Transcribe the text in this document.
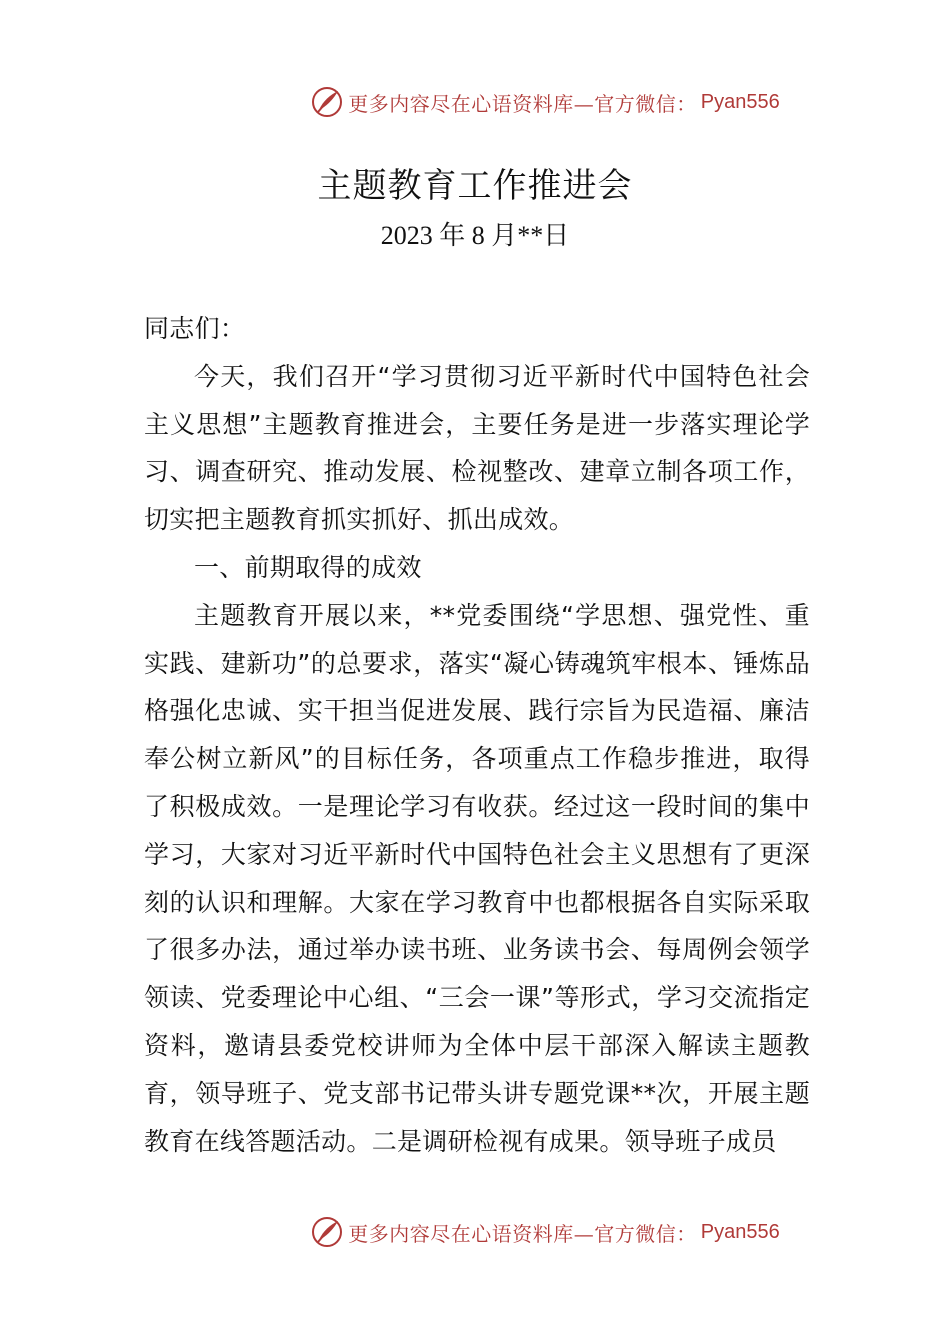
更多内容尽在心语资料库—官方微信： Pyan556
主题教育工作推进会
2023 年 8 月**日

同志们：

今天，我们召开“学习贯彻习近平新时代中国特色社会主义思想”主题教育推进会，主要任务是进一步落实理论学习、调查研究、推动发展、检视整改、建章立制各项工作，切实把主题教育抓实抓好、抓出成效。

一、前期取得的成效

主题教育开展以来，**党委围绕“学思想、强党性、重实践、建新功”的总要求，落实“凝心铸魂筑牢根本、锤炼品格强化忠诚、实干担当促进发展、践行宗旨为民造福、廉洁奉公树立新风”的目标任务，各项重点工作稳步推进，取得了积极成效。一是理论学习有收获。经过这一段时间的集中学习，大家对习近平新时代中国特色社会主义思想有了更深刻的认识和理解。大家在学习教育中也都根据各自实际采取了很多办法，通过举办读书班、业务读书会、每周例会领学领读、党委理论中心组、“三会一课”等形式，学习交流指定资料，邀请县委党校讲师为全体中层干部深入解读主题教育，领导班子、党支部书记带头讲专题党课**次，开展主题教育在线答题活动。二是调研检视有成果。领导班子成员

更多内容尽在心语资料库—官方微信： Pyan556
